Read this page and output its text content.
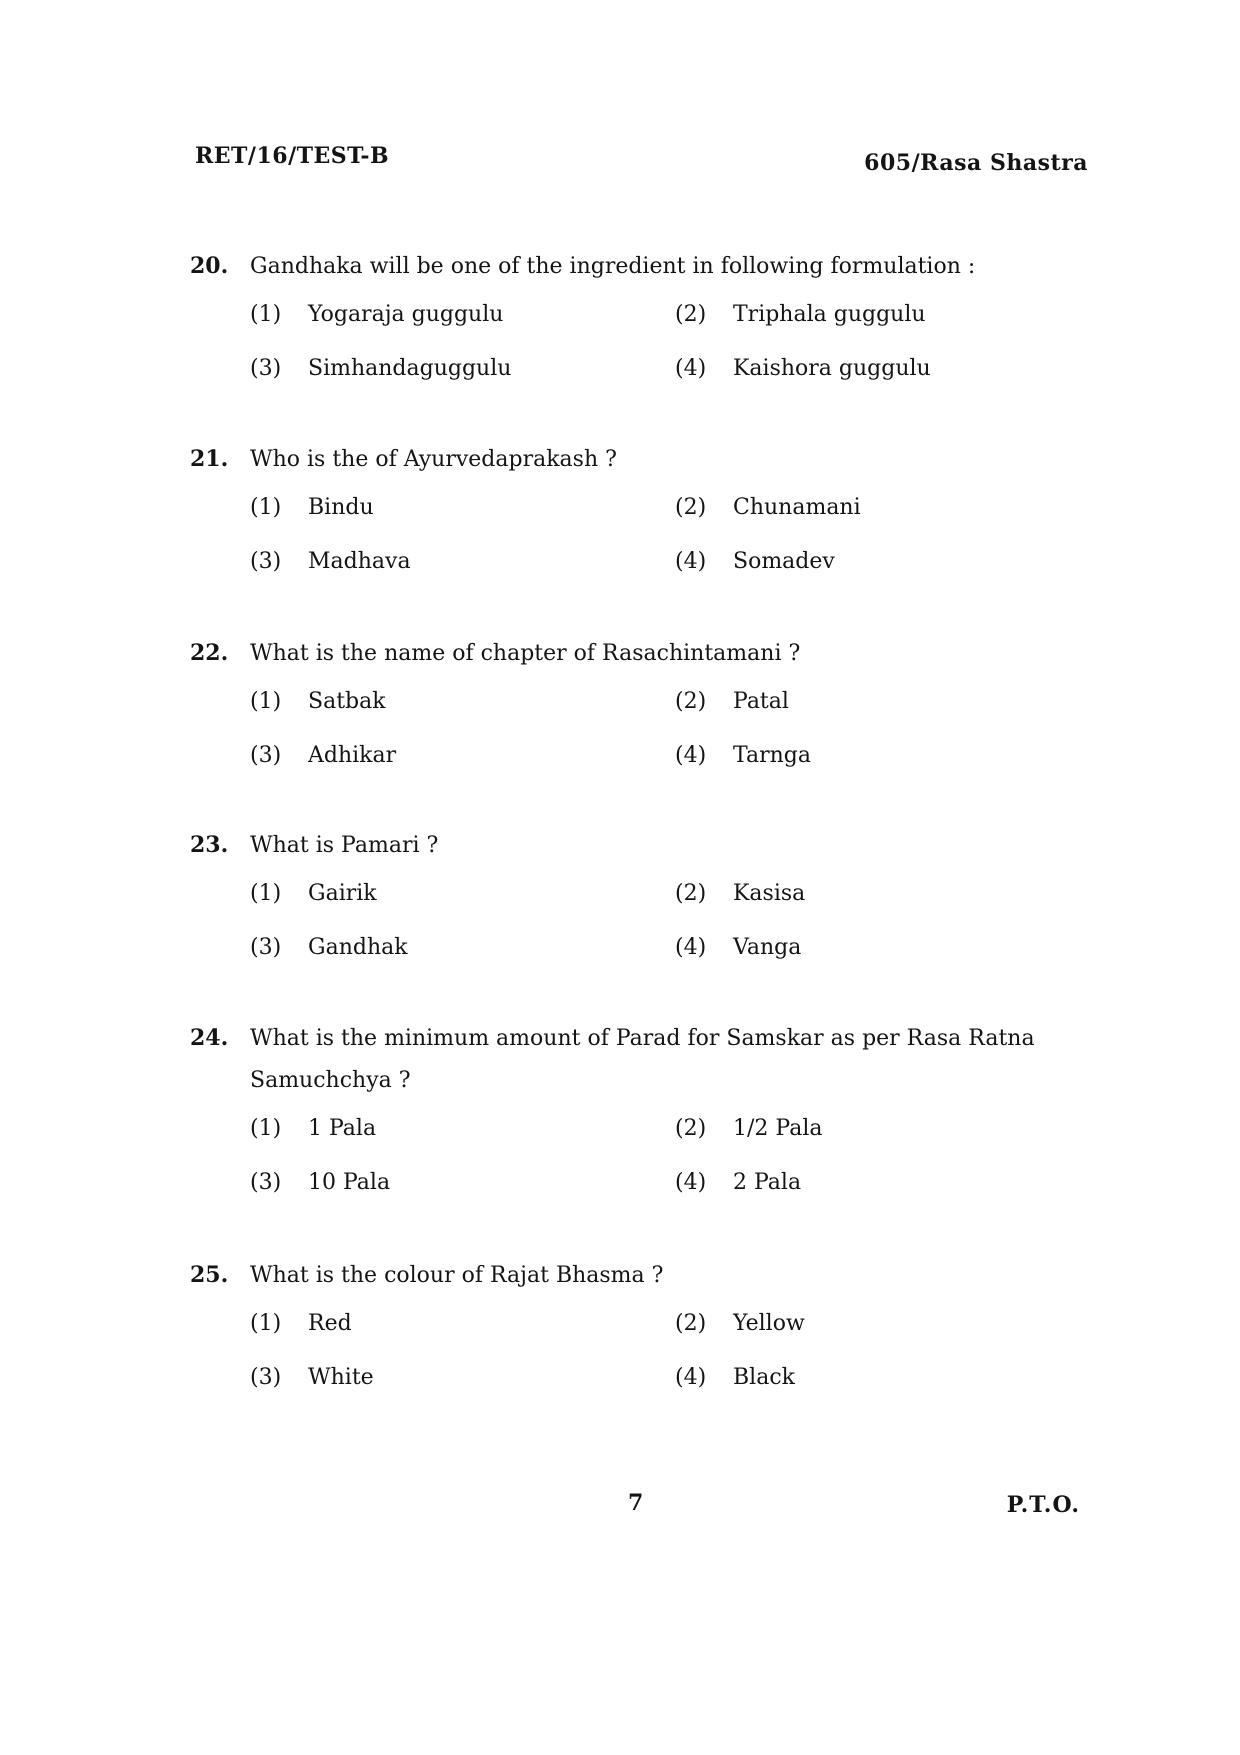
RET/16/TEST-B	605/Rasa Shastra
20. Gandhaka will be one of the ingredient in following formulation :
(1)	Yogaraja guggulu	(2)	Triphala guggulu
(3)	Simhandaguggulu	(4)	Kaishora guggulu
21. Who is the of Ayurvedaprakash ?
(1)	Bindu	(2)	Chunamani
(3)	Madhava	(4)	Somadev
22. What is the name of chapter of Rasachintamani ?
(1)	Satbak	(2)	Patal
(3)	Adhikar	(4)	Tarnga
23. What is Pamari ?
(1)	Gairik	(2)	Kasisa
(3)	Gandhak	(4)	Vanga
24. What is the minimum amount of Parad for Samskar as per Rasa Ratna Samuchchya ?
(1)	1 Pala	(2)	1/2 Pala
(3)	10 Pala	(4)	2 Pala
25. What is the colour of Rajat Bhasma ?
(1)	Red	(2)	Yellow
(3)	White	(4)	Black
7	P.T.O.
